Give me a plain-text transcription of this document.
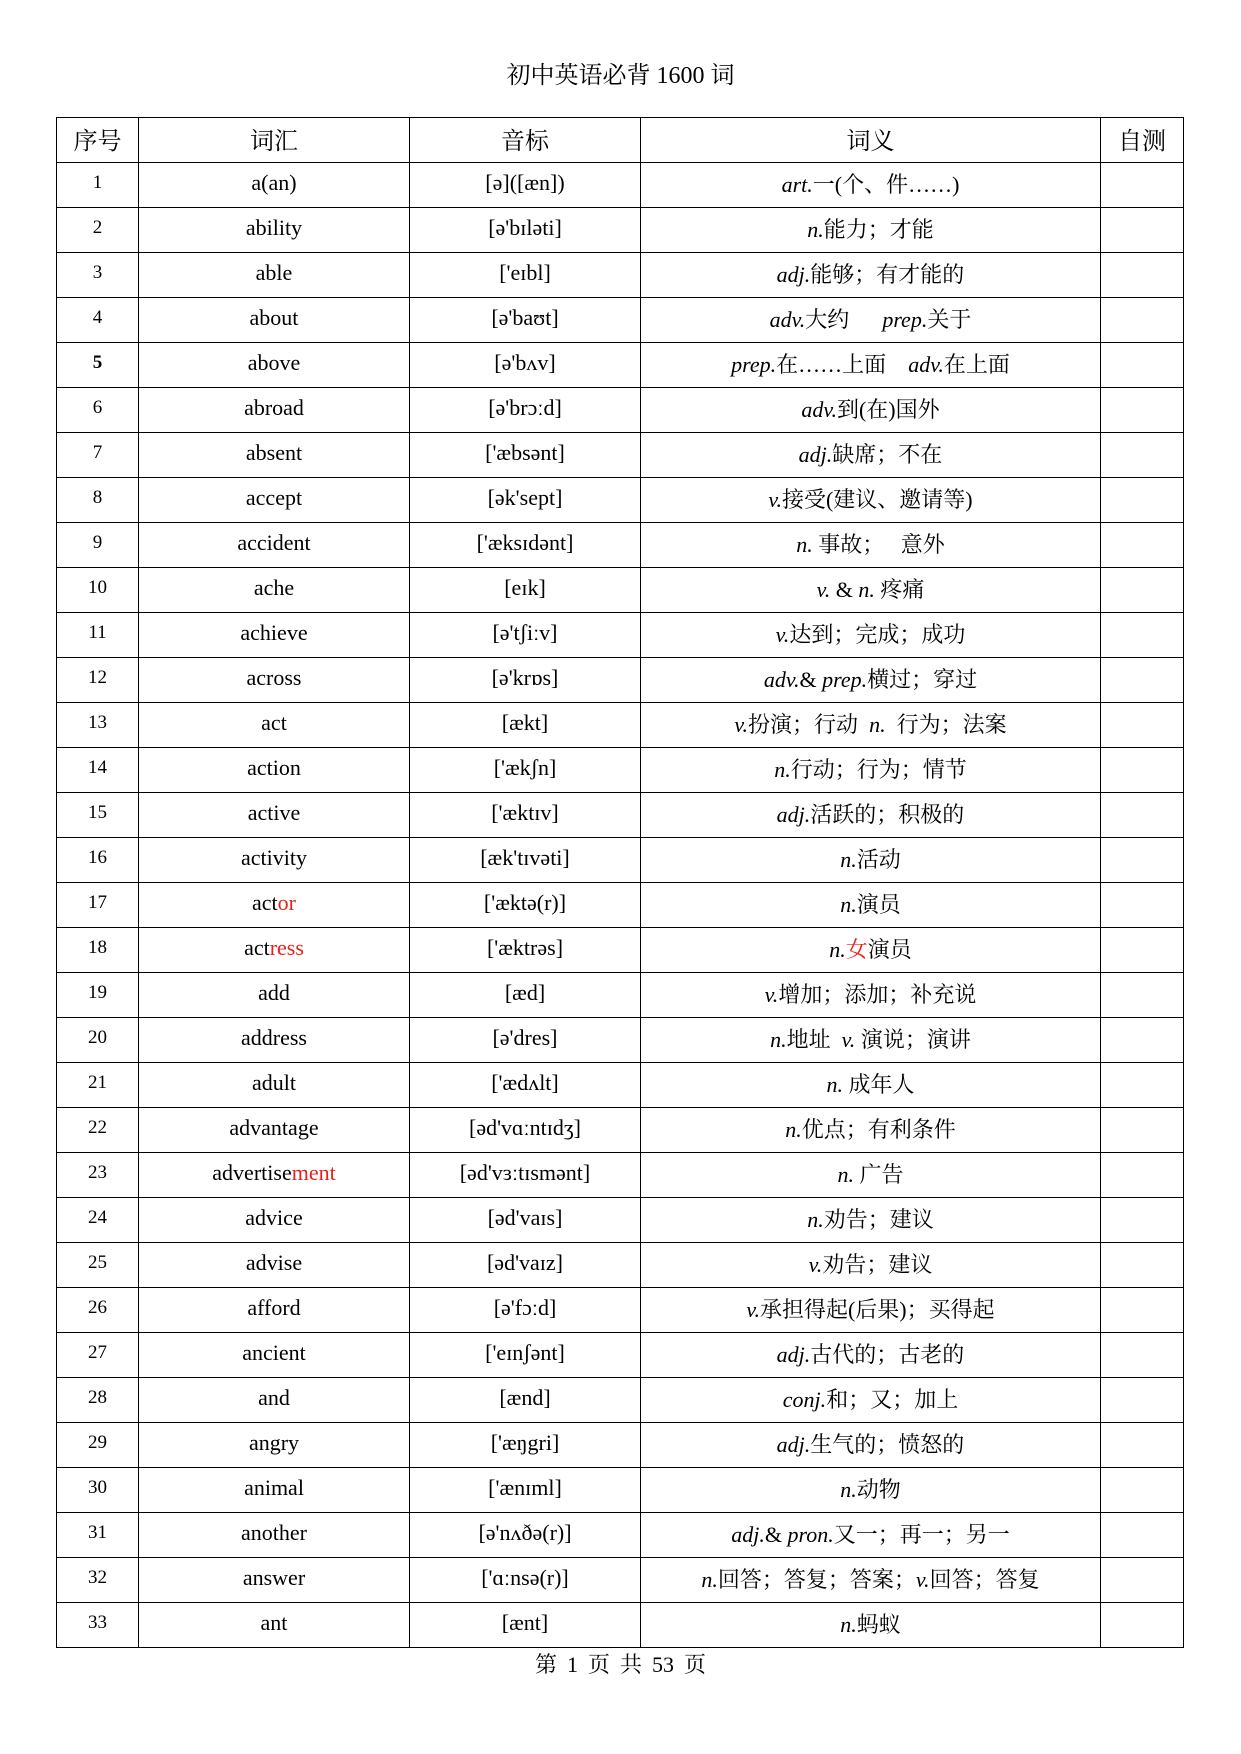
初中英语必背 1600 词
序号	词汇	音标	词义	自测
1	a(an)	[ə]([æn])	art.一(个、件……)	
2	ability	[ə'bɪləti]	n.能力；才能	
3	able	['eɪbl]	adj.能够；有才能的	
4	about	[ə'baʊt]	adv.大约      prep.关于	
5	above	[ə'bʌv]	prep.在……上面    adv.在上面	
6	abroad	[ə'brɔːd]	adv.到(在)国外	
7	absent	['æbsənt]	adj.缺席；不在	
8	accept	[ək'sept]	v.接受(建议、邀请等)	
9	accident	['æksɪdənt]	n. 事故；   意外	
10	ache	[eɪk]	v. & n. 疼痛	
11	achieve	[ə'tʃiːv]	v.达到；完成；成功	
12	across	[ə'krɒs]	adv.& prep.横过；穿过	
13	act	[ækt]	v.扮演；行动  n.  行为；法案	
14	action	['ækʃn]	n.行动；行为；情节	
15	active	['æktɪv]	adj.活跃的；积极的	
16	activity	[æk'tɪvəti]	n.活动	
17	actor	['æktə(r)]	n.演员	
18	actress	['æktrəs]	n.女演员	
19	add	[æd]	v.增加；添加；补充说	
20	address	[ə'dres]	n.地址  v. 演说；演讲	
21	adult	['ædʌlt]	n. 成年人	
22	advantage	[əd'vɑːntɪdʒ]	n.优点；有利条件	
23	advertisement	[əd'vɜːtɪsmənt]	n. 广告	
24	advice	[əd'vaɪs]	n.劝告；建议	
25	advise	[əd'vaɪz]	v.劝告；建议	
26	afford	[ə'fɔːd]	v.承担得起(后果)；买得起	
27	ancient	['eɪnʃənt]	adj.古代的；古老的	
28	and	[ænd]	conj.和；又；加上	
29	angry	['æŋgri]	adj.生气的；愤怒的	
30	animal	['ænɪml]	n.动物	
31	another	[ə'nʌðə(r)]	adj.& pron.又一；再一；另一	
32	answer	['ɑːnsə(r)]	n.回答；答复；答案；v.回答；答复	
33	ant	[ænt]	n.蚂蚁	
第 1 页 共 53 页
